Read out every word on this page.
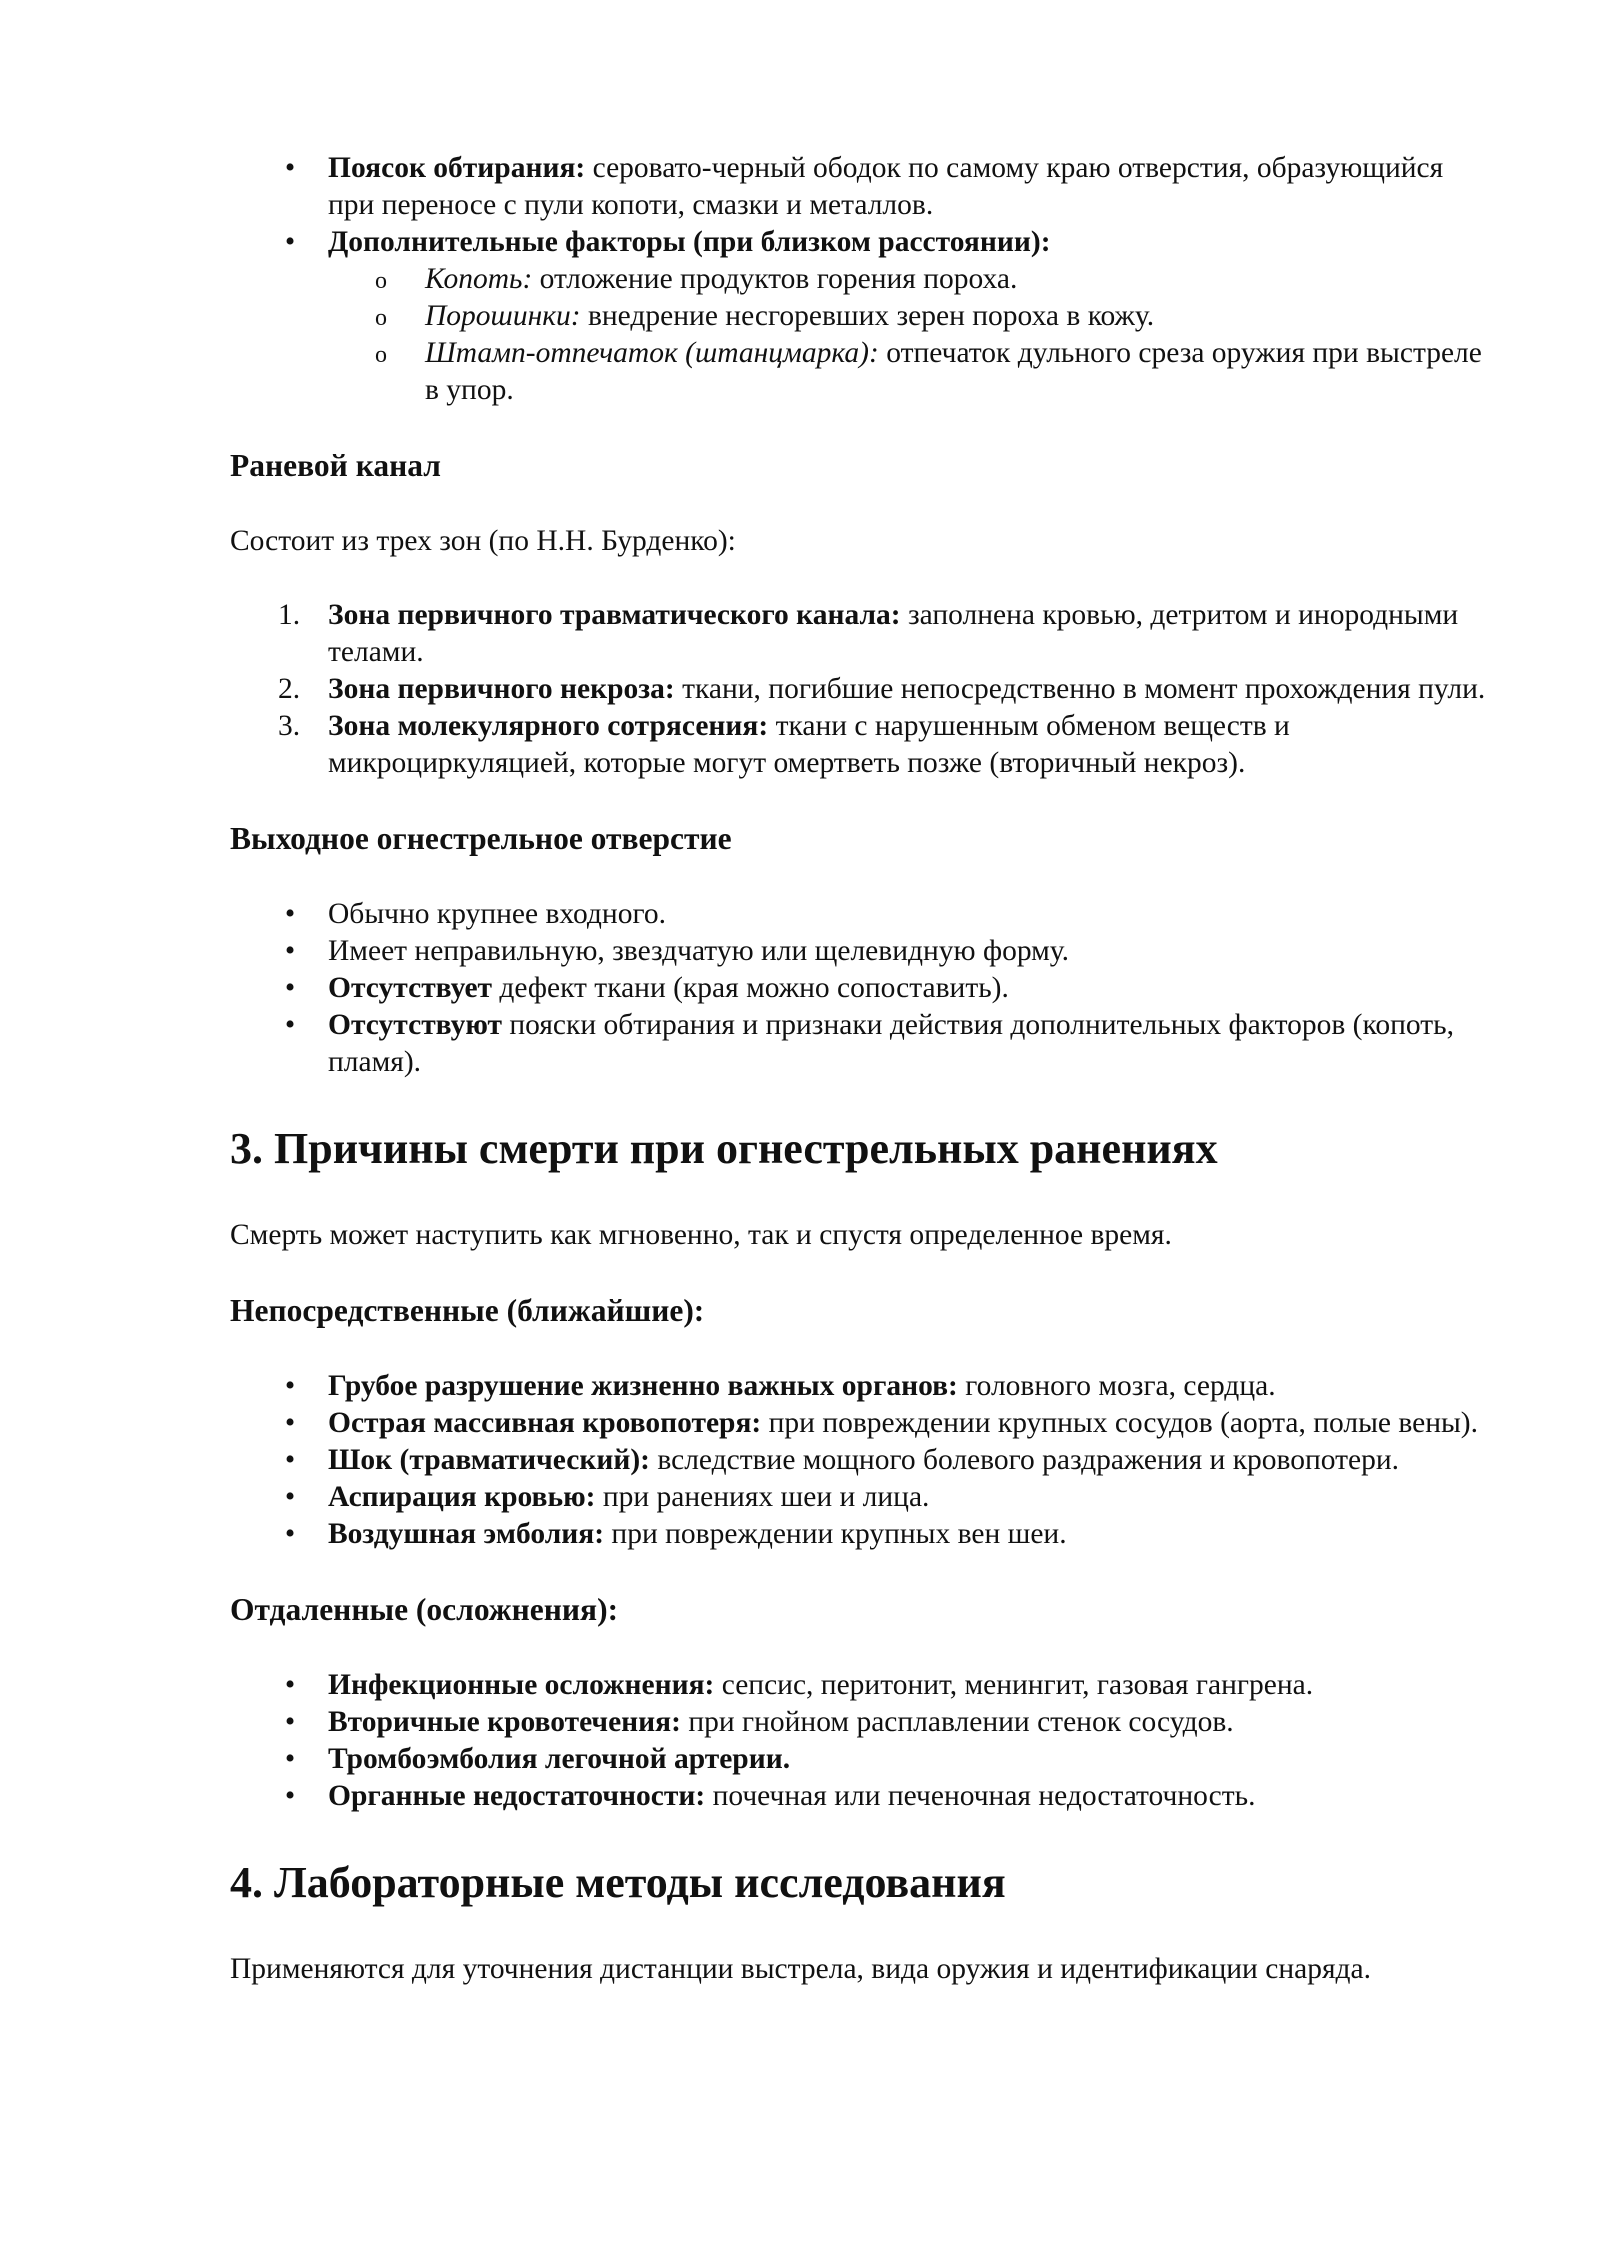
• Поясок обтирания: серовато-черный ободок по самому краю отверстия, образующийся при переносе с пули копоти, смазки и металлов.
• Дополнительные факторы (при близком расстоянии):
o Копоть: отложение продуктов горения пороха.
o Порошинки: внедрение несгоревших зерен пороха в кожу.
o Штамп-отпечаток (штанцмарка): отпечаток дульного среза оружия при выстреле в упор.
Раневой канал

Состоит из трех зон (по Н.Н. Бурденко):

1. Зона первичного травматического канала: заполнена кровью, детритом и инородными телами.
2. Зона первичного некроза: ткани, погибшие непосредственно в момент прохождения пули.
3. Зона молекулярного сотрясения: ткани с нарушенным обменом веществ и микроциркуляцией, которые могут омертветь позже (вторичный некроз).
Выходное огнестрельное отверстие
• Обычно крупнее входного.
• Имеет неправильную, звездчатую или щелевидную форму.
• Отсутствует дефект ткани (края можно сопоставить).
• Отсутствуют пояски обтирания и признаки действия дополнительных факторов (копоть, пламя).
3. Причины смерти при огнестрельных ранениях

Смерть может наступить как мгновенно, так и спустя определенное время.

Непосредственные (ближайшие):
• Грубое разрушение жизненно важных органов: головного мозга, сердца.
• Острая массивная кровопотеря: при повреждении крупных сосудов (аорта, полые вены).
• Шок (травматический): вследствие мощного болевого раздражения и кровопотери.
• Аспирация кровью: при ранениях шеи и лица.
• Воздушная эмболия: при повреждении крупных вен шеи.
Отдаленные (осложнения):
• Инфекционные осложнения: сепсис, перитонит, менингит, газовая гангрена.
• Вторичные кровотечения: при гнойном расплавлении стенок сосудов.
• Тромбоэмболия легочной артерии.
• Органные недостаточности: почечная или печеночная недостаточность.
4. Лабораторные методы исследования

Применяются для уточнения дистанции выстрела, вида оружия и идентификации снаряда.
